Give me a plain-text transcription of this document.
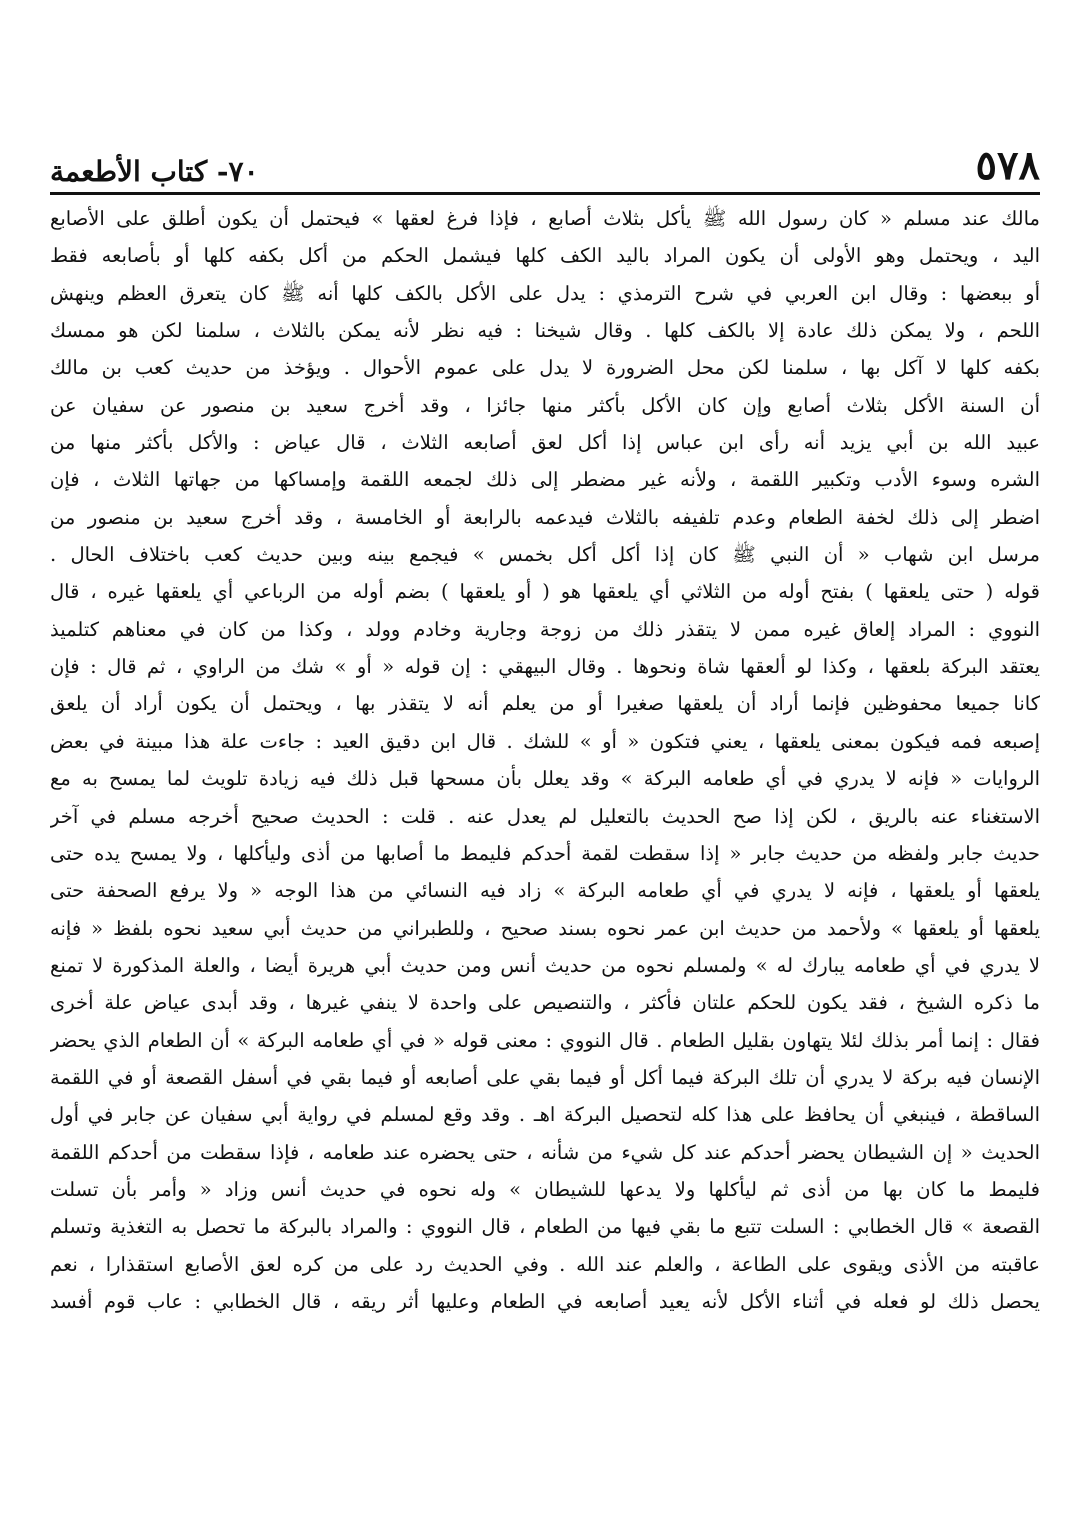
٥٧٨
٧٠- كتاب الأطعمة
مالك عند مسلم « كان رسول الله ﷺ يأكل بثلاث أصابع ، فإذا فرغ لعقها » فيحتمل أن يكون أطلق على الأصابع
اليد ، ويحتمل وهو الأولى أن يكون المراد باليد الكف كلها فيشمل الحكم من أكل بكفه كلها أو بأصابعه فقط
أو ببعضها : وقال ابن العربي في شرح الترمذي : يدل على الأكل بالكف كلها أنه ﷺ كان يتعرق العظم وينهش
اللحم ، ولا يمكن ذلك عادة إلا بالكف كلها . وقال شيخنا : فيه نظر لأنه يمكن بالثلاث ، سلمنا لكن هو ممسك
بكفه كلها لا آكل بها ، سلمنا لكن محل الضرورة لا يدل على عموم الأحوال . ويؤخذ من حديث كعب بن مالك
أن السنة الأكل بثلاث أصابع وإن كان الأكل بأكثر منها جائزا ، وقد أخرج سعيد بن منصور عن سفيان عن
عبيد الله بن أبي يزيد أنه رأى ابن عباس إذا أكل لعق أصابعه الثلاث ، قال عياض : والأكل بأكثر منها من
الشره وسوء الأدب وتكبير اللقمة ، ولأنه غير مضطر إلى ذلك لجمعه اللقمة وإمساكها من جهاتها الثلاث ، فإن
اضطر إلى ذلك لخفة الطعام وعدم تلفيفه بالثلاث فيدعمه بالرابعة أو الخامسة ، وقد أخرج سعيد بن منصور من
مرسل ابن شهاب « أن النبي ﷺ كان إذا أكل أكل بخمس » فيجمع بينه وبين حديث كعب باختلاف الحال .
قوله ( حتى يلعقها ) بفتح أوله من الثلاثي أي يلعقها هو ( أو يلعقها ) بضم أوله من الرباعي أي يلعقها غيره ، قال
النووي : المراد إلعاق غيره ممن لا يتقذر ذلك من زوجة وجارية وخادم وولد ، وكذا من كان في معناهم كتلميذ
يعتقد البركة بلعقها ، وكذا لو ألعقها شاة ونحوها . وقال البيهقي : إن قوله « أو » شك من الراوي ، ثم قال : فإن
كانا جميعا محفوظين فإنما أراد أن يلعقها صغيرا أو من يعلم أنه لا يتقذر بها ، ويحتمل أن يكون أراد أن يلعق
إصبعه فمه فيكون بمعنى يلعقها ، يعني فتكون « أو » للشك . قال ابن دقيق العيد : جاءت علة هذا مبينة في بعض
الروايات « فإنه لا يدري في أي طعامه البركة » وقد يعلل بأن مسحها قبل ذلك فيه زيادة تلويث لما يمسح به مع
الاستغناء عنه بالريق ، لكن إذا صح الحديث بالتعليل لم يعدل عنه . قلت : الحديث صحيح أخرجه مسلم في آخر
حديث جابر ولفظه من حديث جابر « إذا سقطت لقمة أحدكم فليمط ما أصابها من أذى وليأكلها ، ولا يمسح يده حتى
يلعقها أو يلعقها ، فإنه لا يدري في أي طعامه البركة » زاد فيه النسائي من هذا الوجه « ولا يرفع الصحفة حتى
يلعقها أو يلعقها » ولأحمد من حديث ابن عمر نحوه بسند صحيح ، وللطبراني من حديث أبي سعيد نحوه بلفظ « فإنه
لا يدري في أي طعامه يبارك له » ولمسلم نحوه من حديث أنس ومن حديث أبي هريرة أيضا ، والعلة المذكورة لا تمنع
ما ذكره الشيخ ، فقد يكون للحكم علتان فأكثر ، والتنصيص على واحدة لا ينفي غيرها ، وقد أبدى عياض علة أخرى
فقال : إنما أمر بذلك لئلا يتهاون بقليل الطعام . قال النووي : معنى قوله « في أي طعامه البركة » أن الطعام الذي يحضر
الإنسان فيه بركة لا يدري أن تلك البركة فيما أكل أو فيما بقي على أصابعه أو فيما بقي في أسفل القصعة أو في اللقمة
الساقطة ، فينبغي أن يحافظ على هذا كله لتحصيل البركة اهـ . وقد وقع لمسلم في رواية أبي سفيان عن جابر في أول
الحديث « إن الشيطان يحضر أحدكم عند كل شيء من شأنه ، حتى يحضره عند طعامه ، فإذا سقطت من أحدكم اللقمة
فليمط ما كان بها من أذى ثم ليأكلها ولا يدعها للشيطان » وله نحوه في حديث أنس وزاد « وأمر بأن تسلت
القصعة » قال الخطابي : السلت تتبع ما بقي فيها من الطعام ، قال النووي : والمراد بالبركة ما تحصل به التغذية وتسلم
عاقبته من الأذى ويقوى على الطاعة ، والعلم عند الله . وفي الحديث رد على من كره لعق الأصابع استقذارا ، نعم
يحصل ذلك لو فعله في أثناء الأكل لأنه يعيد أصابعه في الطعام وعليها أثر ريقه ، قال الخطابي : عاب قوم أفسد
